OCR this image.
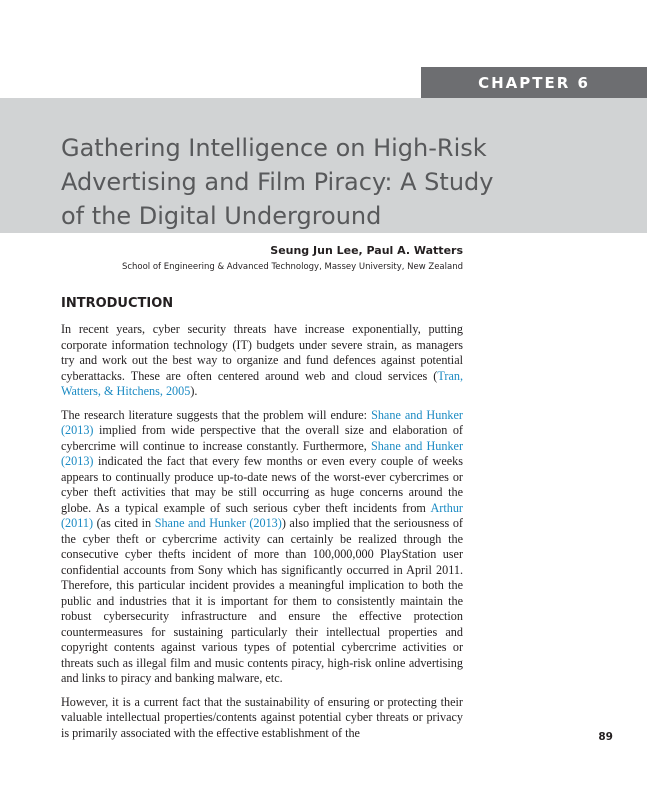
CHAPTER 6
Gathering Intelligence on High-Risk
Advertising and Film Piracy: A Study
of the Digital Underground
Seung Jun Lee, Paul A. Watters
School of Engineering & Advanced Technology, Massey University, New Zealand
INTRODUCTION

In recent years, cyber security threats have increase exponentially, putting corporate information technology (IT) budgets under severe strain, as managers try and work out the best way to organize and fund defences against potential cyberattacks. These are often centered around web and cloud services (Tran, Watters, & Hitchens, 2005).

The research literature suggests that the problem will endure: Shane and Hunker (2013) implied from wide perspective that the overall size and elaboration of cybercrime will continue to increase constantly. Furthermore, Shane and Hunker (2013) indicated the fact that every few months or even every couple of weeks appears to continually produce up-to-date news of the worst-ever cybercrimes or cyber theft activities that may be still occurring as huge concerns around the globe. As a typical example of such serious cyber theft incidents from Arthur (2011) (as cited in Shane and Hunker (2013)) also implied that the seriousness of the cyber theft or cybercrime activity can certainly be realized through the consecutive cyber thefts incident of more than 100,000,000 PlayStation user confidential accounts from Sony which has significantly occurred in April 2011. Therefore, this particular incident provides a meaningful implication to both the public and industries that it is important for them to consistently maintain the robust cybersecurity infrastructure and ensure the effective protection countermeasures for sustaining particularly their intellectual properties and copyright contents against various types of potential cybercrime activities or threats such as illegal film and music contents piracy, high-risk online advertising and links to piracy and banking malware, etc.

However, it is a current fact that the sustainability of ensuring or protecting their valuable intellectual properties/contents against potential cyber threats or privacy is primarily associated with the effective establishment of the	89
